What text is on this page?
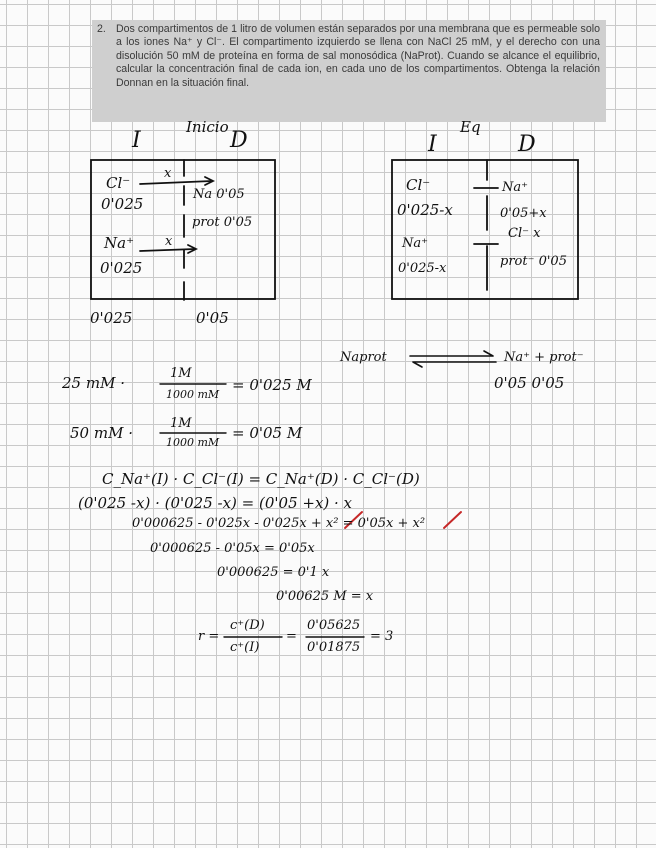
2. Dos compartimentos de 1 litro de volumen están separados por una membrana que es permeable solo a los iones Na⁺ y Cl⁻. El compartimento izquierdo se llena con NaCl 25 mM, y el derecho con una disolución 50 mM de proteína en forma de sal monosódica (NaProt). Cuando se alcance el equilibrio, calcular la concentración final de cada ion, en cada uno de los compartimentos. Obtenga la relación Donnan en la situación final.
Inicio
I	D
Cl⁻
x
0'025
Na 0'05
prot 0'05
Na⁺ x
0'025
0'025	0'05
Eq
I	D
Cl⁻
0'025-x
Na⁺
0'05+x
Cl⁻ x
Na⁺
0'025-x	prot⁻ 0'05
Naprot	Na⁺ + prot⁻
0'05 0'05
25 mM ·
1M
1000 mM
= 0'025 M
50 mM ·
1M
1000 mM
= 0'05 M
C_Na⁺(I) · C_Cl⁻(I) = C_Na⁺(D) · C_Cl⁻(D)
(0'025 -x) · (0'025 -x) = (0'05 +x) · x
0'000625 - 0'025x - 0'025x + x² = 0'05x + x²
0'000625 - 0'05x = 0'05x
0'000625 = 0'1 x
0'00625 M = x
r =
c⁺(D)
c⁺(I)
=
0'05625
0'01875
= 3
